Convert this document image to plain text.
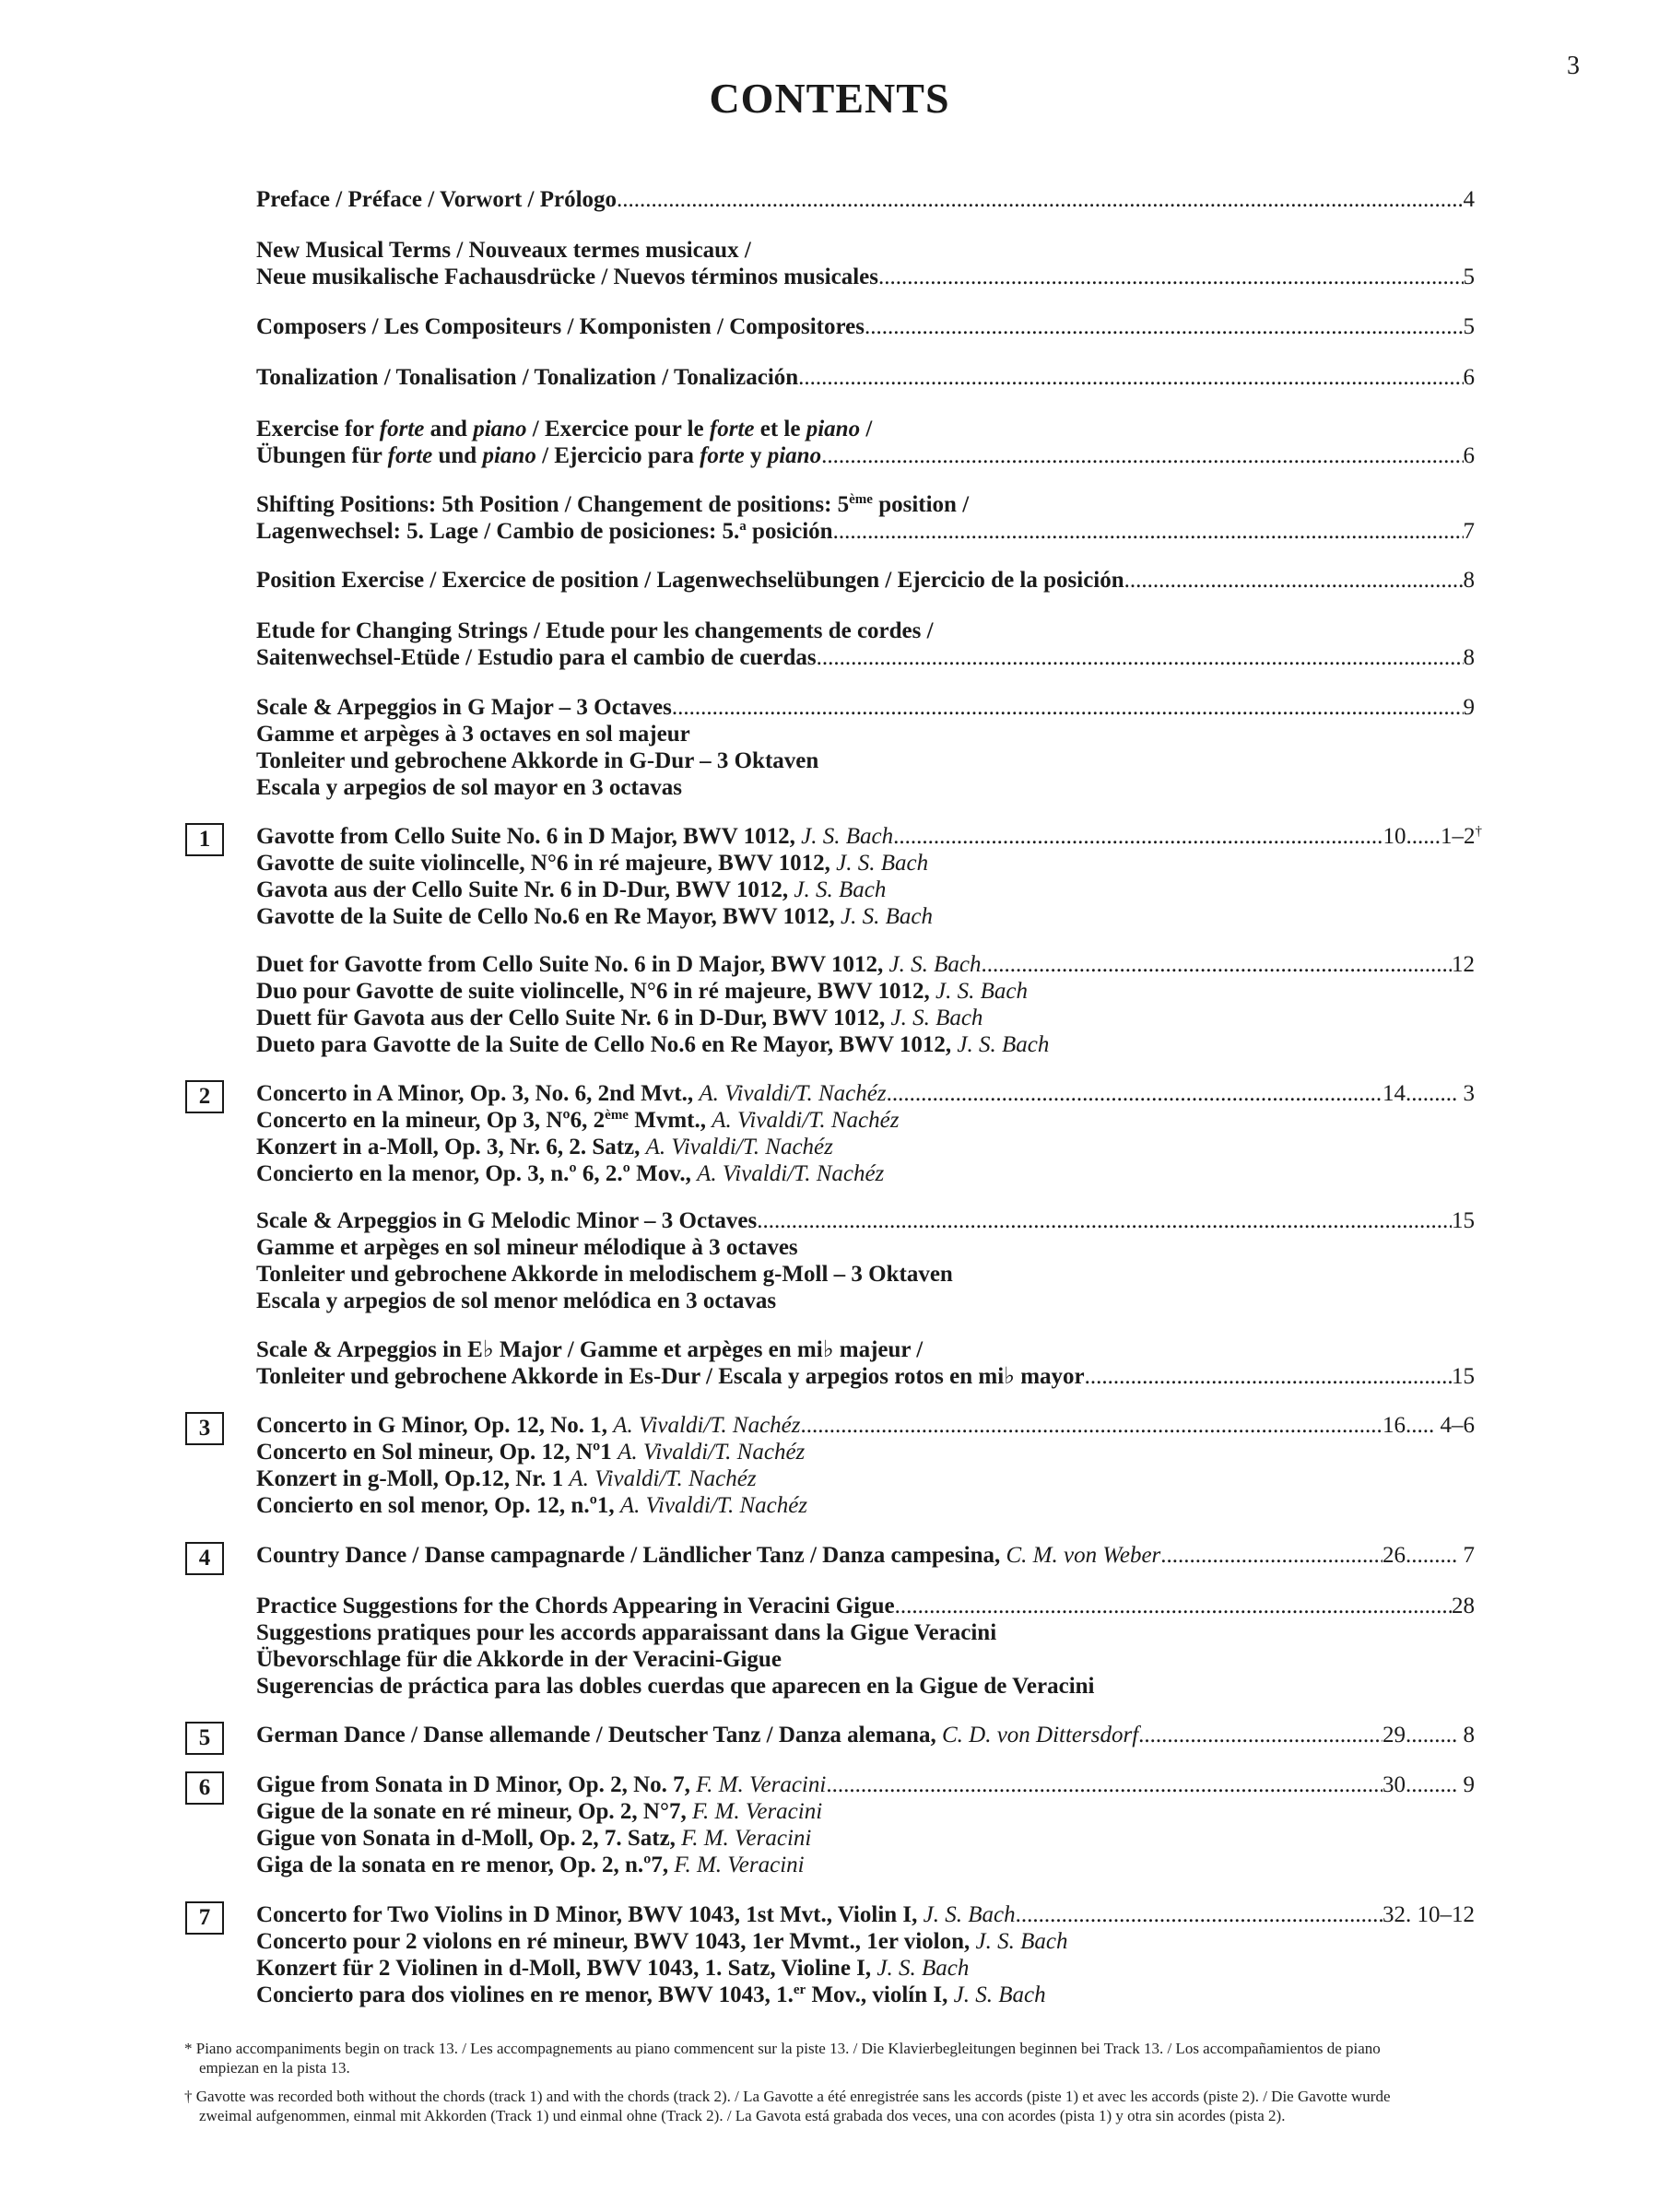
3
CONTENTS
Preface / Préface / Vorwort / Prólogo .....	4
New Musical Terms / Nouveaux termes musicaux /
Neue musikalische Fachausdrücke / Nuevos términos musicales .....	5
Composers / Les Compositeurs / Komponisten / Compositores .....	5
Tonalization / Tonalisation / Tonalization / Tonalización .....	6
Exercise for forte and piano / Exercice pour le forte et le piano /
Übungen für forte und piano / Ejercicio para forte y piano .....	6
Shifting Positions: 5th Position / Changement de positions: 5ème position /
Lagenwechsel: 5. Lage / Cambio de posiciones: 5.$^a$ posición .....	7
Position Exercise / Exercice de position / Lagenwechselübungen / Ejercicio de la posición .....	8
Etude for Changing Strings / Etude pour les changements de cordes /
Saitenwechsel-Etüde / Estudio para el cambio de cuerdas .....	8
Scale & Arpeggios in G Major – 3 Octaves .....	9
Gamme et arpèges à 3 octaves en sol majeur
Tonleiter und gebrochene Akkorde in G-Dur – 3 Oktaven
Escala y arpegios de sol mayor en 3 octavas
1	Gavotte from Cello Suite No. 6 in D Major, BWV 1012, J. S. Bach .....	10 ......1–2†
Gavotte de suite violincelle, N°6 in ré majeure, BWV 1012, J. S. Bach
Gavota aus der Cello Suite Nr. 6 in D-Dur, BWV 1012, J. S. Bach
Gavotte de la Suite de Cello No.6 en Re Mayor, BWV 1012, J. S. Bach
Duet for Gavotte from Cello Suite No. 6 in D Major, BWV 1012, J. S. Bach .....	12
Duo pour Gavotte de suite violincelle, N°6 in ré majeure, BWV 1012, J. S. Bach
Duett für Gavota aus der Cello Suite Nr. 6 in D-Dur, BWV 1012, J. S. Bach
Dueto para Gavotte de la Suite de Cello No.6 en Re Mayor, BWV 1012, J. S. Bach
2	Concerto in A Minor, Op. 3, No. 6, 2nd Mvt., A. Vivaldi/T. Nachéz .....	14 ......... 3
Concerto en la mineur, Op 3, Nº6, 2ème Mvmt., A. Vivaldi/T. Nachéz
Konzert in a-Moll, Op. 3, Nr. 6, 2. Satz, A. Vivaldi/T. Nachéz
Concierto en la menor, Op. 3, n.º 6, 2.º Mov., A. Vivaldi/T. Nachéz
Scale & Arpeggios in G Melodic Minor – 3 Octaves .....	15
Gamme et arpèges en sol mineur mélodique à 3 octaves
Tonleiter und gebrochene Akkorde in melodischem g-Moll – 3 Oktaven
Escala y arpegios de sol menor melódica en 3 octavas
Scale & Arpeggios in E♭ Major / Gamme et arpèges en mi♭ majeur /
Tonleiter und gebrochene Akkorde in Es-Dur / Escala y arpegios rotos en mi♭ mayor .....	15
3	Concerto in G Minor, Op. 12, No. 1, A. Vivaldi/T. Nachéz .....	16 ..... 4–6
Concerto en Sol mineur, Op. 12, Nº1 A. Vivaldi/T. Nachéz
Konzert in g-Moll, Op.12, Nr. 1 A. Vivaldi/T. Nachéz
Concierto en sol menor, Op. 12, n.º1, A. Vivaldi/T. Nachéz
4	Country Dance / Danse campagnarde / Ländlicher Tanz / Danza campesina, C. M. von Weber .....	26 ......... 7
Practice Suggestions for the Chords Appearing in Veracini Gigue .....	28
Suggestions pratiques pour les accords apparaissant dans la Gigue Veracini
Übevorschlage für die Akkorde in der Veracini-Gigue
Sugerencias de práctica para las dobles cuerdas que aparecen en la Gigue de Veracini
5	German Dance / Danse allemande / Deutscher Tanz / Danza alemana, C. D. von Dittersdorf .....	29 ......... 8
6	Gigue from Sonata in D Minor, Op. 2, No. 7, F. M. Veracini .....	30 ......... 9
Gigue de la sonate en ré mineur, Op. 2, N°7, F. M. Veracini
Gigue von Sonata in d-Moll, Op. 2, 7. Satz, F. M. Veracini
Giga de la sonata en re menor, Op. 2, n.º7, F. M. Veracini
7	Concerto for Two Violins in D Minor, BWV 1043, 1st Mvt., Violin I, J. S. Bach .....	32 . 10–12
Concerto pour 2 violons en ré mineur, BWV 1043, 1er Mvmt., 1er violon, J. S. Bach
Konzert für 2 Violinen in d-Moll, BWV 1043, 1. Satz, Violine I, J. S. Bach
Concierto para dos violines en re menor, BWV 1043, 1.$^{er}$ Mov., violín I, J. S. Bach
* Piano accompaniments begin on track 13. / Les accompagnements au piano commencent sur la piste 13. / Die Klavierbegleitungen beginnen bei Track 13. / Los accompañamientos de piano empiezan en la pista 13.
† Gavotte was recorded both without the chords (track 1) and with the chords (track 2). / La Gavotte a été enregistrée sans les accords (piste 1) et avec les accords (piste 2). / Die Gavotte wurde zweimal aufgenommen, einmal mit Akkorden (Track 1) und einmal ohne (Track 2). / La Gavota está grabada dos veces, una con acordes (pista 1) y otra sin acordes (pista 2).
